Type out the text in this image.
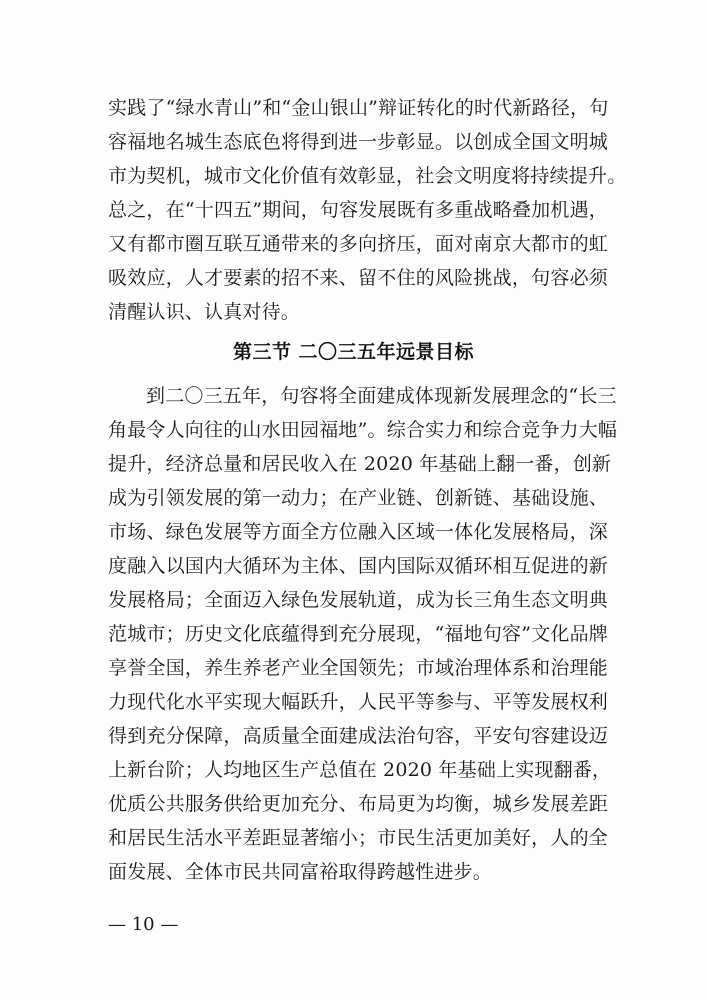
实践了“绿水青山”和“金山银山”辩证转化的时代新路径，句
容福地名城生态底色将得到进一步彰显。以创成全国文明城
市为契机，城市文化价值有效彰显，社会文明度将持续提升。
总之，在“十四五”期间，句容发展既有多重战略叠加机遇，
又有都市圈互联互通带来的多向挤压，面对南京大都市的虹
吸效应，人才要素的招不来、留不住的风险挑战，句容必须
清醒认识、认真对待。
第三节 二〇三五年远景目标
到二〇三五年，句容将全面建成体现新发展理念的“长三
角最令人向往的山水田园福地”。综合实力和综合竞争力大幅
提升，经济总量和居民收入在 2020 年基础上翻一番，创新
成为引领发展的第一动力；在产业链、创新链、基础设施、
市场、绿色发展等方面全方位融入区域一体化发展格局，深
度融入以国内大循环为主体、国内国际双循环相互促进的新
发展格局；全面迈入绿色发展轨道，成为长三角生态文明典
范城市；历史文化底蕴得到充分展现，“福地句容”文化品牌
享誉全国，养生养老产业全国领先；市域治理体系和治理能
力现代化水平实现大幅跃升，人民平等参与、平等发展权利
得到充分保障，高质量全面建成法治句容，平安句容建设迈
上新台阶；人均地区生产总值在 2020 年基础上实现翻番，
优质公共服务供给更加充分、布局更为均衡，城乡发展差距
和居民生活水平差距显著缩小；市民生活更加美好，人的全
面发展、全体市民共同富裕取得跨越性进步。
— 10 —
